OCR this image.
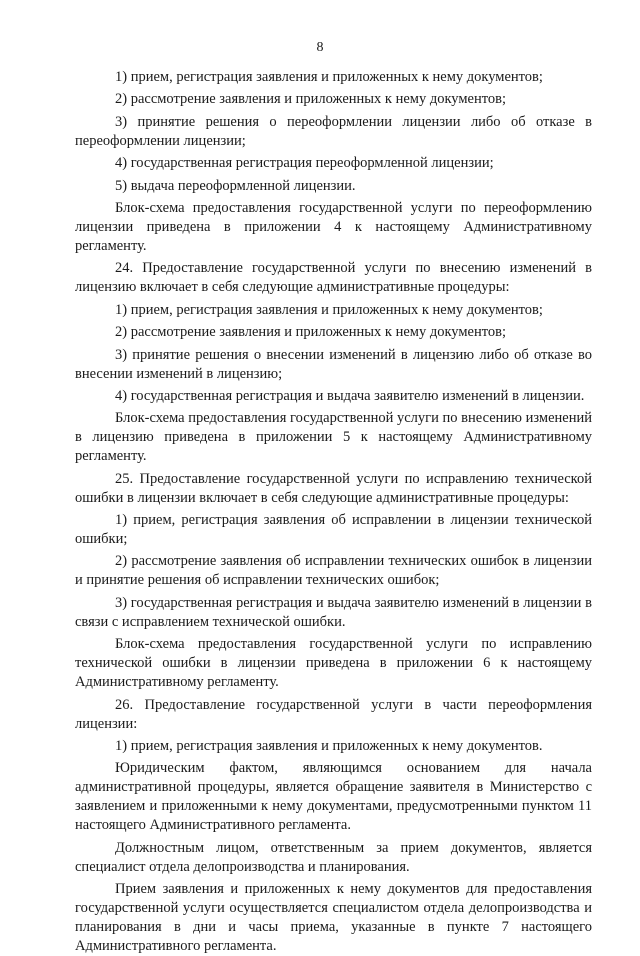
8

1) прием, регистрация заявления и приложенных к нему документов;

2) рассмотрение заявления и приложенных к нему документов;

3) принятие решения о переоформлении лицензии либо об отказе в переоформлении лицензии;

4) государственная регистрация переоформленной лицензии;

5) выдача переоформленной лицензии.

Блок-схема предоставления государственной услуги по переоформлению лицензии приведена в приложении 4 к настоящему Административному регламенту.

24. Предоставление государственной услуги по внесению изменений в лицензию включает в себя следующие административные процедуры:

1) прием, регистрация заявления и приложенных к нему документов;

2) рассмотрение заявления и приложенных к нему документов;

3) принятие решения о внесении изменений в лицензию либо об отказе во внесении изменений в лицензию;

4) государственная регистрация и выдача заявителю изменений в лицензии.

Блок-схема предоставления государственной услуги по внесению изменений в лицензию приведена в приложении 5 к настоящему Административному регламенту.

25. Предоставление государственной услуги по исправлению технической ошибки в лицензии включает в себя следующие административные процедуры:

1) прием, регистрация заявления об исправлении в лицензии технической ошибки;

2) рассмотрение заявления об исправлении технических ошибок в лицензии и принятие решения об исправлении технических ошибок;

3) государственная регистрация и выдача заявителю изменений в лицензии в связи с исправлением технической ошибки.

Блок-схема предоставления государственной услуги по исправлению технической ошибки в лицензии приведена в приложении 6 к настоящему Административному регламенту.

26. Предоставление государственной услуги в части переоформления лицензии:

1) прием, регистрация заявления и приложенных к нему документов.

Юридическим фактом, являющимся основанием для начала административной процедуры, является обращение заявителя в Министерство с заявлением и приложенными к нему документами, предусмотренными пунктом 11 настоящего Административного регламента.

Должностным лицом, ответственным за прием документов, является специалист отдела делопроизводства и планирования.

Прием заявления и приложенных к нему документов для предоставления государственной услуги осуществляется специалистом отдела делопроизводства и планирования в дни и часы приема, указанные в пункте 7 настоящего Административного регламента.
